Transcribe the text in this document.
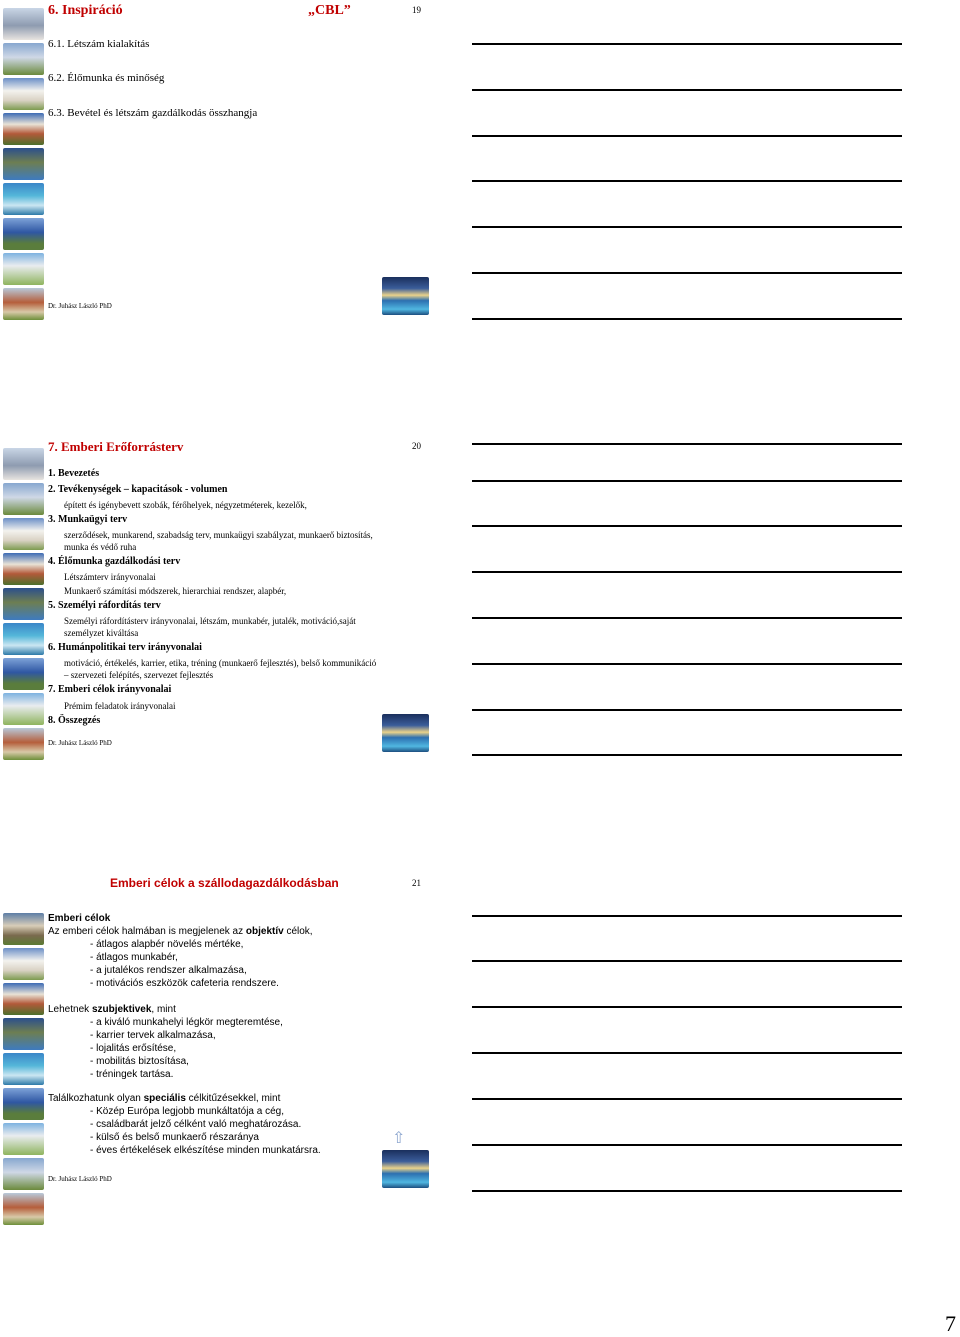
6. Inspiráció	„CBL”	19
6.1. Létszám kialakítás
6.2. Élőmunka és minőség
6.3. Bevétel és létszám gazdálkodás összhangja
Dr. Juhász László PhD
7. Emberi Erőforrásterv	20
1. Bevezetés
2. Tevékenységek – kapacitások - volumen
épített és igénybevett szobák, férőhelyek, négyzetméterek, kezelők,
3. Munkaügyi terv
szerződések, munkarend, szabadság terv, munkaügyi szabályzat, munkaerő biztosítás,
munka és védő ruha
4. Élőmunka gazdálkodási terv
Létszámterv irányvonalai
Munkaerő számítási módszerek, hierarchiai rendszer, alapbér,
5. Személyi ráfordítás terv
Személyi ráfordításterv irányvonalai, létszám, munkabér, jutalék, motiváció,saját
személyzet kiváltása
6. Humánpolitikai terv irányvonalai
motiváció, értékelés, karrier, etika, tréning (munkaerő fejlesztés), belső kommunikáció
– szervezeti felépítés, szervezet fejlesztés
7. Emberi célok irányvonalai
Prémim feladatok irányvonalai
8. Összegzés
Dr. Juhász László PhD
Emberi célok a szállodagazdálkodásban	21
Emberi célok
Az emberi célok halmában is megjelenek az objektív célok,
- átlagos alapbér növelés mértéke,
- átlagos munkabér,
- a jutalékos rendszer alkalmazása,
- motivációs eszközök cafeteria rendszere.
Lehetnek szubjektivek, mint
- a kiváló munkahelyi légkör megteremtése,
- karrier tervek alkalmazása,
- lojalitás erősítése,
- mobilitás biztosítása,
- tréningek tartása.
Találkozhatunk olyan speciális célkitűzésekkel, mint
- Közép Európa legjobb munkáltatója a cég,
- családbarát jelző célként való meghatározása.
- külső és belső munkaerő részaránya
- éves értékelések elkészítése minden munkatársra.
⇧
Dr. Juhász László PhD
7
